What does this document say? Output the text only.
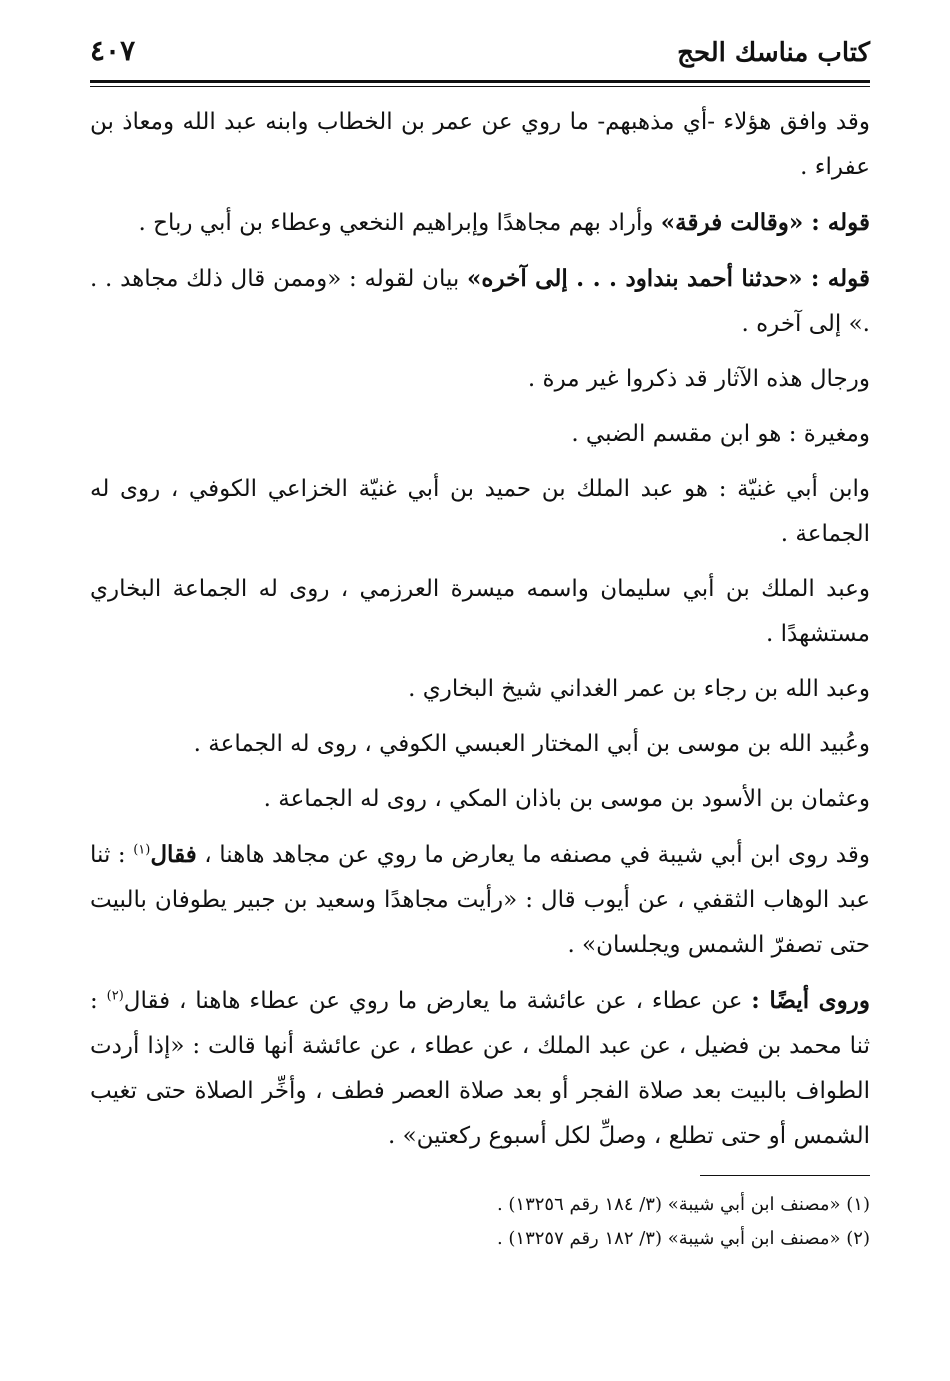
كتاب مناسك الحج
٤٠٧

وقد وافق هؤلاء -أي مذهبهم- ما روي عن عمر بن الخطاب وابنه عبد الله ومعاذ بن عفراء .

قوله : «وقالت فرقة» وأراد بهم مجاهدًا وإبراهيم النخعي وعطاء بن أبي رباح .

قوله : «حدثنا أحمد بنداود . . . إلى آخره» بيان لقوله : «وممن قال ذلك مجاهد . . .» إلى آخره .

ورجال هذه الآثار قد ذكروا غير مرة .

ومغيرة : هو ابن مقسم الضبي .

وابن أبي غنيّة : هو عبد الملك بن حميد بن أبي غنيّة الخزاعي الكوفي ، روى له الجماعة .

وعبد الملك بن أبي سليمان واسمه ميسرة العرزمي ، روى له الجماعة البخاري مستشهدًا .

وعبد الله بن رجاء بن عمر الغداني شيخ البخاري .

وعُبيد الله بن موسى بن أبي المختار العبسي الكوفي ، روى له الجماعة .

وعثمان بن الأسود بن موسى بن باذان المكي ، روى له الجماعة .

وقد روى ابن أبي شيبة في مصنفه ما يعارض ما روي عن مجاهد هاهنا ، فقال$^{(١)}$ : ثنا عبد الوهاب الثقفي ، عن أيوب قال : «رأيت مجاهدًا وسعيد بن جبير يطوفان بالبيت حتى تصفرّ الشمس ويجلسان» .

وروى أيضًا : عن عطاء ، عن عائشة ما يعارض ما روي عن عطاء هاهنا ، فقال$^{(٢)}$ : ثنا محمد بن فضيل ، عن عبد الملك ، عن عطاء ، عن عائشة أنها قالت : «إذا أردت الطواف بالبيت بعد صلاة الفجر أو بعد صلاة العصر فطف ، وأخِّر الصلاة حتى تغيب الشمس أو حتى تطلع ، وصلِّ لكل أسبوع ركعتين» .

(١) «مصنف ابن أبي شيبة» (٣/ ١٨٤ رقم ١٣٢٥٦) .
(٢) «مصنف ابن أبي شيبة» (٣/ ١٨٢ رقم ١٣٢٥٧) .
